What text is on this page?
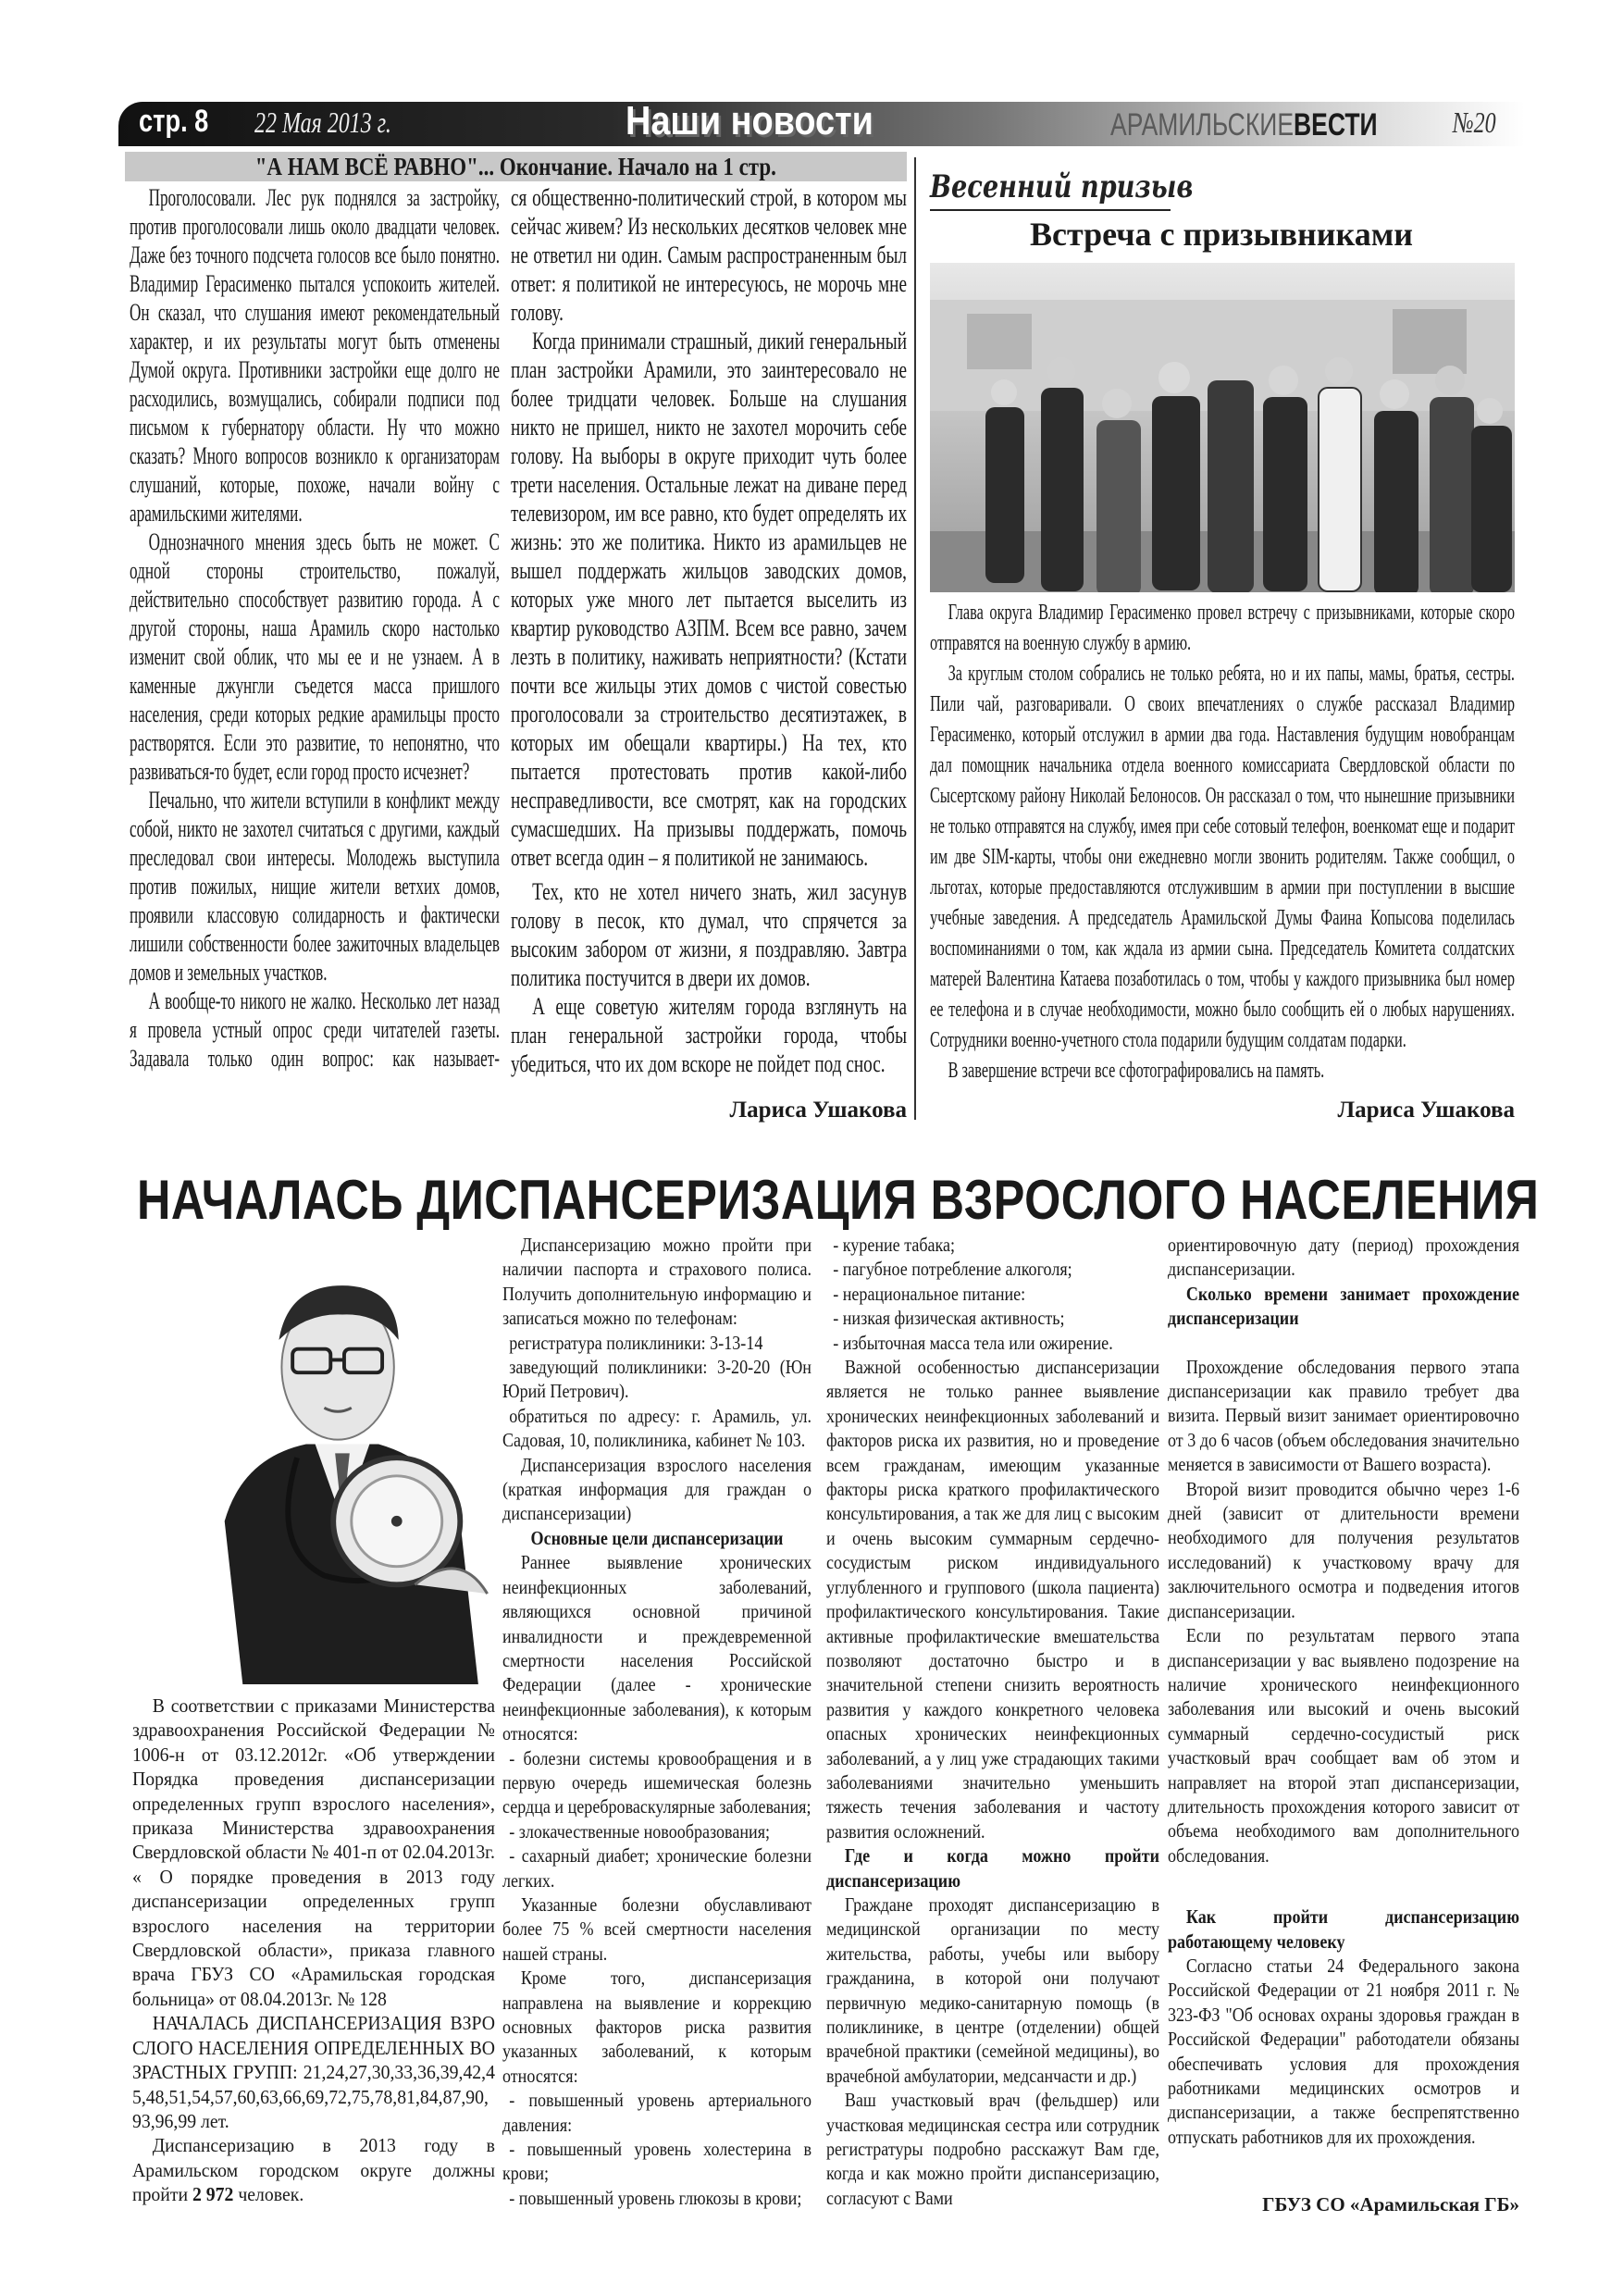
стр. 8 22 Мая 2013 г.	Наши новости	АРАМИЛЬСКИЕВЕСТИ	№20
"А НАМ ВСЁ РАВНО"... Окончание. Начало на 1 стр.

Проголосовали. Лес рук поднялся за застройку, против проголосовали лишь около двадцати человек. Даже без точного подсчета голосов все было понятно. Владимир Герасименко пытался успокоить жителей. Он сказал, что слушания имеют рекомендательный характер, и их результаты могут быть отменены Думой округа. Противники застройки еще долго не расходились, возмущались, собирали подписи под письмом к губернатору области. Ну что можно сказать? Много вопросов возникло к организаторам слушаний, которые, похоже, начали войну с арамильскими жителями.

Однозначного мнения здесь быть не может. С одной стороны строительство, пожалуй, действительно способствует развитию города. А с другой стороны, наша Арамиль скоро настолько изменит свой облик, что мы ее и не узнаем. А в каменные джунгли съедется масса пришлого населения, среди которых редкие арамильцы просто растворятся. Если это развитие, то непонятно, что развиваться-то будет, если город просто исчезнет?

Печально, что жители вступили в конфликт между собой, никто не захотел считаться с другими, каждый преследовал свои интересы. Молодежь выступила против пожилых, нищие жители ветхих домов, проявили классовую солидарность и фактически лишили собственности более зажиточных владельцев домов и земельных участков.

А вообще-то никого не жалко. Несколько лет назад я провела устный опрос среди читателей газеты. Задавала только один вопрос: как называет-

ся общественно-политический строй, в котором мы сейчас живем? Из нескольких десятков человек мне не ответил ни один. Самым распространенным был ответ: я политикой не интересуюсь, не морочь мне голову.

Когда принимали страшный, дикий генеральный план застройки Арамили, это заинтересовало не более тридцати человек. Больше на слушания никто не пришел, никто не захотел морочить себе голову. На выборы в округе приходит чуть более трети населения. Остальные лежат на диване перед телевизором, им все равно, кто будет определять их жизнь: это же политика. Никто из арамильцев не вышел поддержать жильцов заводских домов, которых уже много лет пытается выселить из квартир руководство АЗПМ. Всем все равно, зачем лезть в политику, наживать неприятности? (Кстати почти все жильцы этих домов с чистой совестью проголосовали за строительство десятиэтажек, в которых им обещали квартиры.) На тех, кто пытается протестовать против какой-либо несправедливости, все смотрят, как на городских сумасшедших. На призывы поддержать, помочь ответ всегда один – я политикой не занимаюсь.

Тех, кто не хотел ничего знать, жил засунув голову в песок, кто думал, что спрячется за высоким забором от жизни, я поздравляю. Завтра политика постучится в двери их домов.

А еще советую жителям города взглянуть на план генеральной застройки города, чтобы убедиться, что их дом вскоре не пойдет под снос.

Лариса Ушакова
Весенний призыв
Встреча с призывниками

Глава округа Владимир Герасименко провел встречу с призывниками, которые скоро отправятся на военную службу в армию.

За круглым столом собрались не только ребята, но и их папы, мамы, братья, сестры. Пили чай, разговаривали. О своих впечатлениях о службе рассказал Владимир Герасименко, который отслужил в армии два года. Наставления будущим новобранцам дал помощник начальника отдела военного комиссариата Свердловской области по Сысертскому району Николай Белоносов. Он рассказал о том, что нынешние призывники не только отправятся на службу, имея при себе сотовый телефон, военкомат еще и подарит им две SIM-карты, чтобы они ежедневно могли звонить родителям. Также сообщил, о льготах, которые предоставляются отслужившим в армии при поступлении в высшие учебные заведения. А председатель Арамильской Думы Фаина Копысова поделилась воспоминаниями о том, как ждала из армии сына. Председатель Комитета солдатских матерей Валентина Катаева позаботилась о том, чтобы у каждого призывника был номер ее телефона и в случае необходимости, можно было сообщить ей о любых нарушениях. Сотрудники военно-учетного стола подарили будущим солдатам подарки.

В завершение встречи все сфотографировались на память.

Лариса Ушакова
НАЧАЛАСЬ ДИСПАНСЕРИЗАЦИЯ ВЗРОСЛОГО НАСЕЛЕНИЯ

В соответствии с приказами Министерства здравоохранения Российской Федерации № 1006-н от 03.12.2012г. «Об утверждении Порядка проведения диспансеризации определенных групп взрослого населения», приказа Министерства здравоохранения Свердловской области № 401-п от 02.04.2013г. « О порядке проведения в 2013 году диспансеризации определенных групп взрослого населения на территории Свердловской области», приказа главного врача ГБУЗ СО «Арамильская городская больница» от 08.04.2013г. № 128

НАЧАЛАСЬ ДИСПАНСЕРИЗАЦИЯ ВЗРОСЛОГО НАСЕЛЕНИЯ ОПРЕДЕЛЕННЫХ ВОЗРАСТНЫХ ГРУПП: 21,24,27,30,33,36,39,42,45,48,51,54,57,60,63,66,69,72,75,78,81,84,87,90,93,96,99 лет.

Диспансеризацию в 2013 году в Арамильском городском округе должны пройти 2 972 человек.

Диспансеризацию можно пройти при наличии паспорта и страхового полиса. Получить дополнительную информацию и записаться можно по телефонам:

регистратура поликлиники: 3-13-14

заведующий поликлиники: 3-20-20 (Юн Юрий Петрович).

обратиться по адресу: г. Арамиль, ул. Садовая, 10, поликлиника, кабинет № 103.

Диспансеризация взрослого населения (краткая информация для граждан о диспансеризации)

Основные цели диспансеризации

Раннее выявление хронических неинфекционных заболеваний, являющихся основной причиной инвалидности и преждевременной смертности населения Российской Федерации (далее - хронические неинфекционные заболевания), к которым относятся:

- болезни системы кровообращения и в первую очередь ишемическая болезнь сердца и цереброваскулярные заболевания;

- злокачественные новообразования;

- сахарный диабет; хронические болезни легких.

Указанные болезни обуславливают более 75 % всей смертности населения нашей страны.

Кроме того, диспансеризация направлена на выявление и коррекцию основных факторов риска развития указанных заболеваний, к которым относятся:

- повышенный уровень артериального давления:

- повышенный уровень холестерина в крови;

- повышенный уровень глюкозы в крови;

- курение табака;

- пагубное потребление алкоголя;

- нерациональное питание:

- низкая физическая активность;

- избыточная масса тела или ожирение.

Важной особенностью диспансеризации является не только раннее выявление хронических неинфекционных заболеваний и факторов риска их развития, но и проведение всем гражданам, имеющим указанные факторы риска краткого профилактического консультирования, а так же для лиц с высоким и очень высоким суммарным сердечно-сосудистым риском индивидуального углубленного и группового (школа пациента) профилактического консультирования. Такие активные профилактические вмешательства позволяют достаточно быстро и в значительной степени снизить вероятность развития у каждого конкретного человека опасных хронических неинфекционных заболеваний, а у лиц уже страдающих такими заболеваниями значительно уменьшить тяжесть течения заболевания и частоту развития осложнений.

Где и когда можно пройти диспансеризацию

Граждане проходят диспансеризацию в медицинской организации по месту жительства, работы, учебы или выбору гражданина, в которой они получают первичную медико-санитарную помощь (в поликлинике, в центре (отделении) общей врачебной практики (семейной медицины), во врачебной амбулатории, медсанчасти и др.)

Ваш участковый врач (фельдшер) или участковая медицинская сестра или сотрудник регистратуры подробно расскажут Вам где, когда и как можно пройти диспансеризацию, согласуют с Вами

ориентировочную дату (период) прохождения диспансеризации.

Сколько времени занимает прохождение диспансеризации

Прохождение обследования первого этапа диспансеризации как правило требует два визита. Первый визит занимает ориентировочно от 3 до 6 часов (объем обследования значительно меняется в зависимости от Вашего возраста).

Второй визит проводится обычно через 1-6 дней (зависит от длительности времени необходимого для получения результатов исследований) к участковому врачу для заключительного осмотра и подведения итогов диспансеризации.

Если по результатам первого этапа диспансеризации у вас выявлено подозрение на наличие хронического неинфекционного заболевания или высокий и очень высокий суммарный сердечно-сосудистый риск участковый врач сообщает вам об этом и направляет на второй этап диспансеризации, длительность прохождения которого зависит от объема необходимого вам дополнительного обследования.

Как пройти диспансеризацию работающему человеку

Согласно статьи 24 Федерального закона Российской Федерации от 21 ноября 2011 г. № 323-ФЗ "Об основах охраны здоровья граждан в Российской Федерации" работодатели обязаны обеспечивать условия для прохождения работниками медицинских осмотров и диспансеризации, а также беспрепятственно отпускать работников для их прохождения.

ГБУЗ СО «Арамильская ГБ»
